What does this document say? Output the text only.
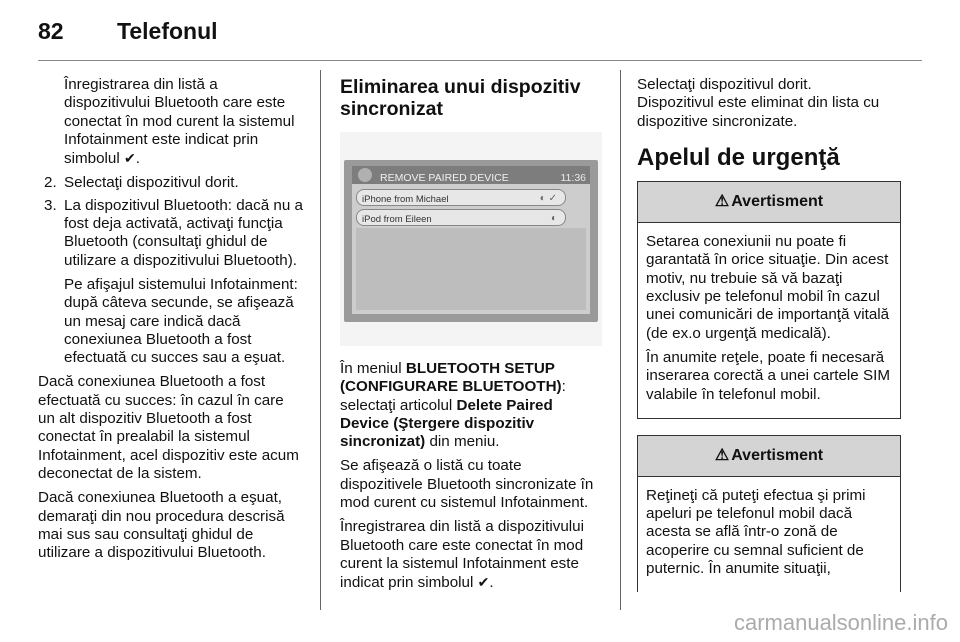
82 Telefonul

Înregistrarea din listă a dispozitivului Bluetooth care este conectat în mod curent la sistemul Infotainment este indicat prin simbolul ✔.

2. Selectaţi dispozitivul dorit.
3. La dispozitivul Bluetooth: dacă nu a fost deja activată, activaţi funcţia Bluetooth (consultaţi ghidul de utilizare a dispozitivului Bluetooth).

Pe afişajul sistemului Infotainment: după câteva secunde, se afişează un mesaj care indică dacă conexiunea Bluetooth a fost efectuată cu succes sau a eşuat.

Dacă conexiunea Bluetooth a fost efectuată cu succes: în cazul în care un alt dispozitiv Bluetooth a fost conectat în prealabil la sistemul Infotainment, acel dispozitiv este acum deconectat de la sistem.

Dacă conexiunea Bluetooth a eşuat, demaraţi din nou procedura descrisă mai sus sau consultaţi ghidul de utilizare a dispozitivului Bluetooth.

Eliminarea unui dispozitiv sincronizat
REMOVE PAIRED DEVICE	11:36
iPhone from Michael	◐ ✓
iPod from Eileen	◐

În meniul BLUETOOTH SETUP (CONFIGURARE BLUETOOTH): selectaţi articolul Delete Paired Device (Ştergere dispozitiv sincronizat) din meniu.

Se afişează o listă cu toate dispozitivele Bluetooth sincronizate în mod curent cu sistemul Infotainment.

Înregistrarea din listă a dispozitivului Bluetooth care este conectat în mod curent la sistemul Infotainment este indicat prin simbolul ✔.

Selectaţi dispozitivul dorit.

Dispozitivul este eliminat din lista cu dispozitive sincronizate.

Apelul de urgenţă
⚠ Avertisment

Setarea conexiunii nu poate fi garantată în orice situaţie. Din acest motiv, nu trebuie să vă bazaţi exclusiv pe telefonul mobil în cazul unei comunicări de importanţă vitală (de ex.o urgenţă medicală).

În anumite reţele, poate fi necesară inserarea corectă a unei cartele SIM valabile în telefonul mobil.

⚠ Avertisment

Reţineţi că puteţi efectua şi primi apeluri pe telefonul mobil dacă acesta se află într-o zonă de acoperire cu semnal suficient de puternic. În anumite situaţii,

carmanualsonline.info
